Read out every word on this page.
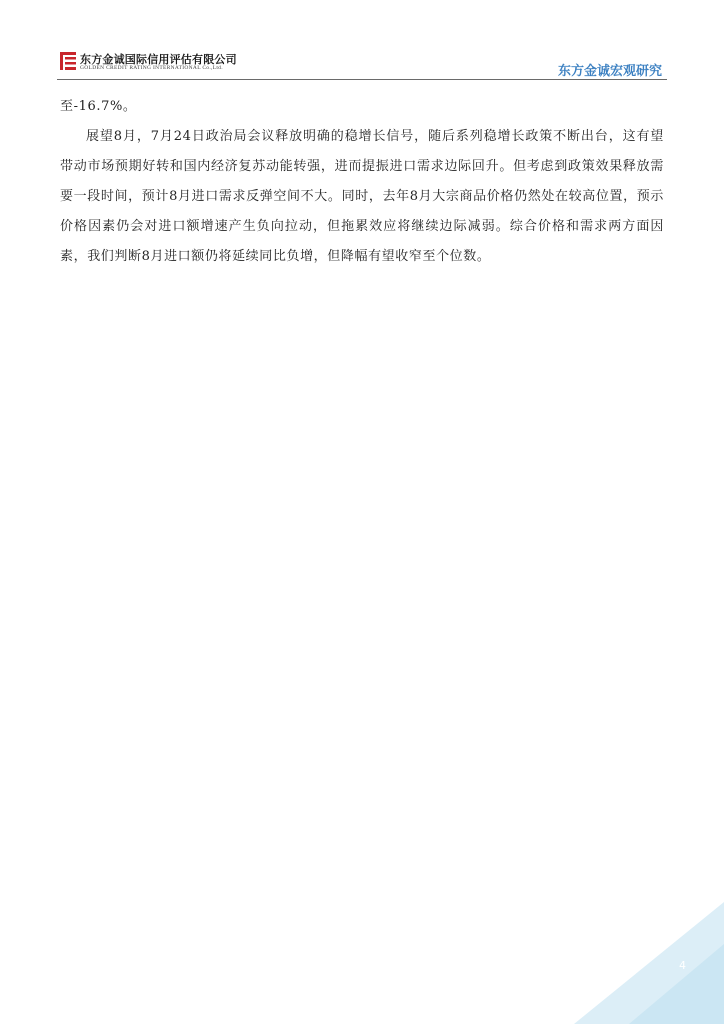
东方金诚国际信用评估有限公司
GOLDEN CREDIT RATING INTERNATIONAL Co.,Ltd.	东方金诚宏观研究

至-16.7%。

展望8月，7月24日政治局会议释放明确的稳增长信号，随后系列稳增长政策不断出台，这有望带动市场预期好转和国内经济复苏动能转强，进而提振进口需求边际回升。但考虑到政策效果释放需要一段时间，预计8月进口需求反弹空间不大。同时，去年8月大宗商品价格仍然处在较高位置，预示价格因素仍会对进口额增速产生负向拉动，但拖累效应将继续边际减弱。综合价格和需求两方面因素，我们判断8月进口额仍将延续同比负增，但降幅有望收窄至个位数。

4
